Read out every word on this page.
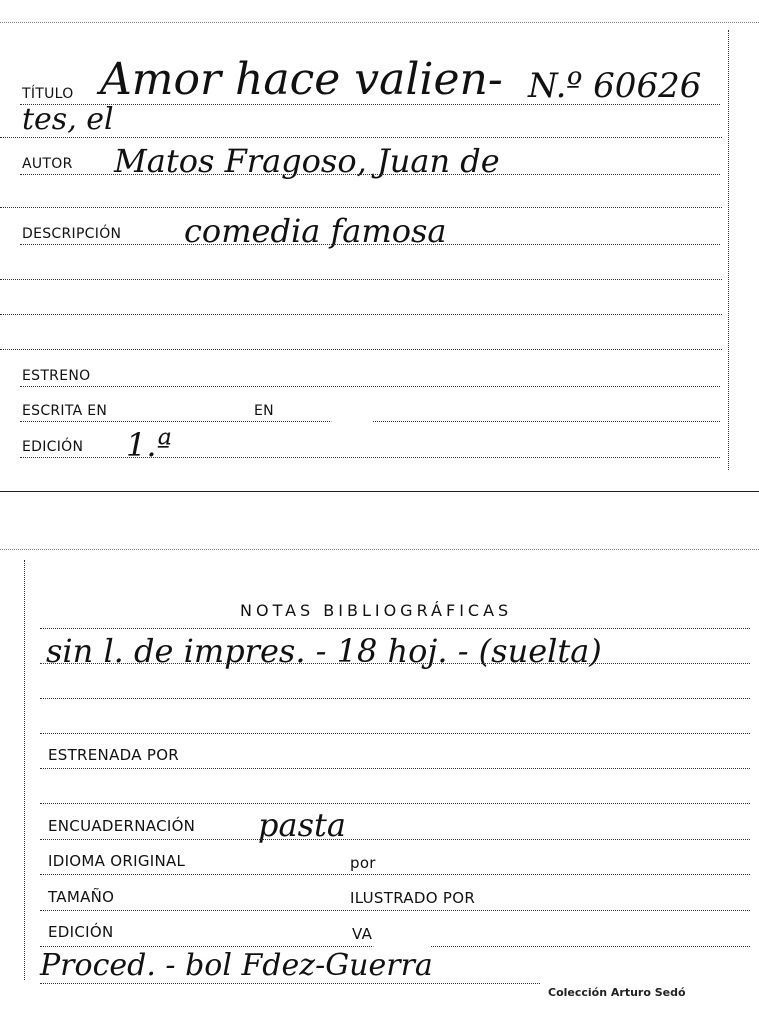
TÍTULO Amor hace valien- N.º 60626
tes, el
AUTOR Matos Fragoso, Juan de
DESCRIPCIÓN comedia famosa
ESTRENO
ESCRITA EN	EN
EDICIÓN 1.ª
NOTAS BIBLIOGRÁFICAS
sin l. de impres. - 18 hoj. - (suelta)
ESTRENADA POR
ENCUADERNACIÓN pasta
IDIOMA ORIGINAL	por
TAMAÑO	ILUSTRADO POR
EDICIÓN	VA
Proced. - bol Fdez-Guerra
Colección Arturo Sedó
